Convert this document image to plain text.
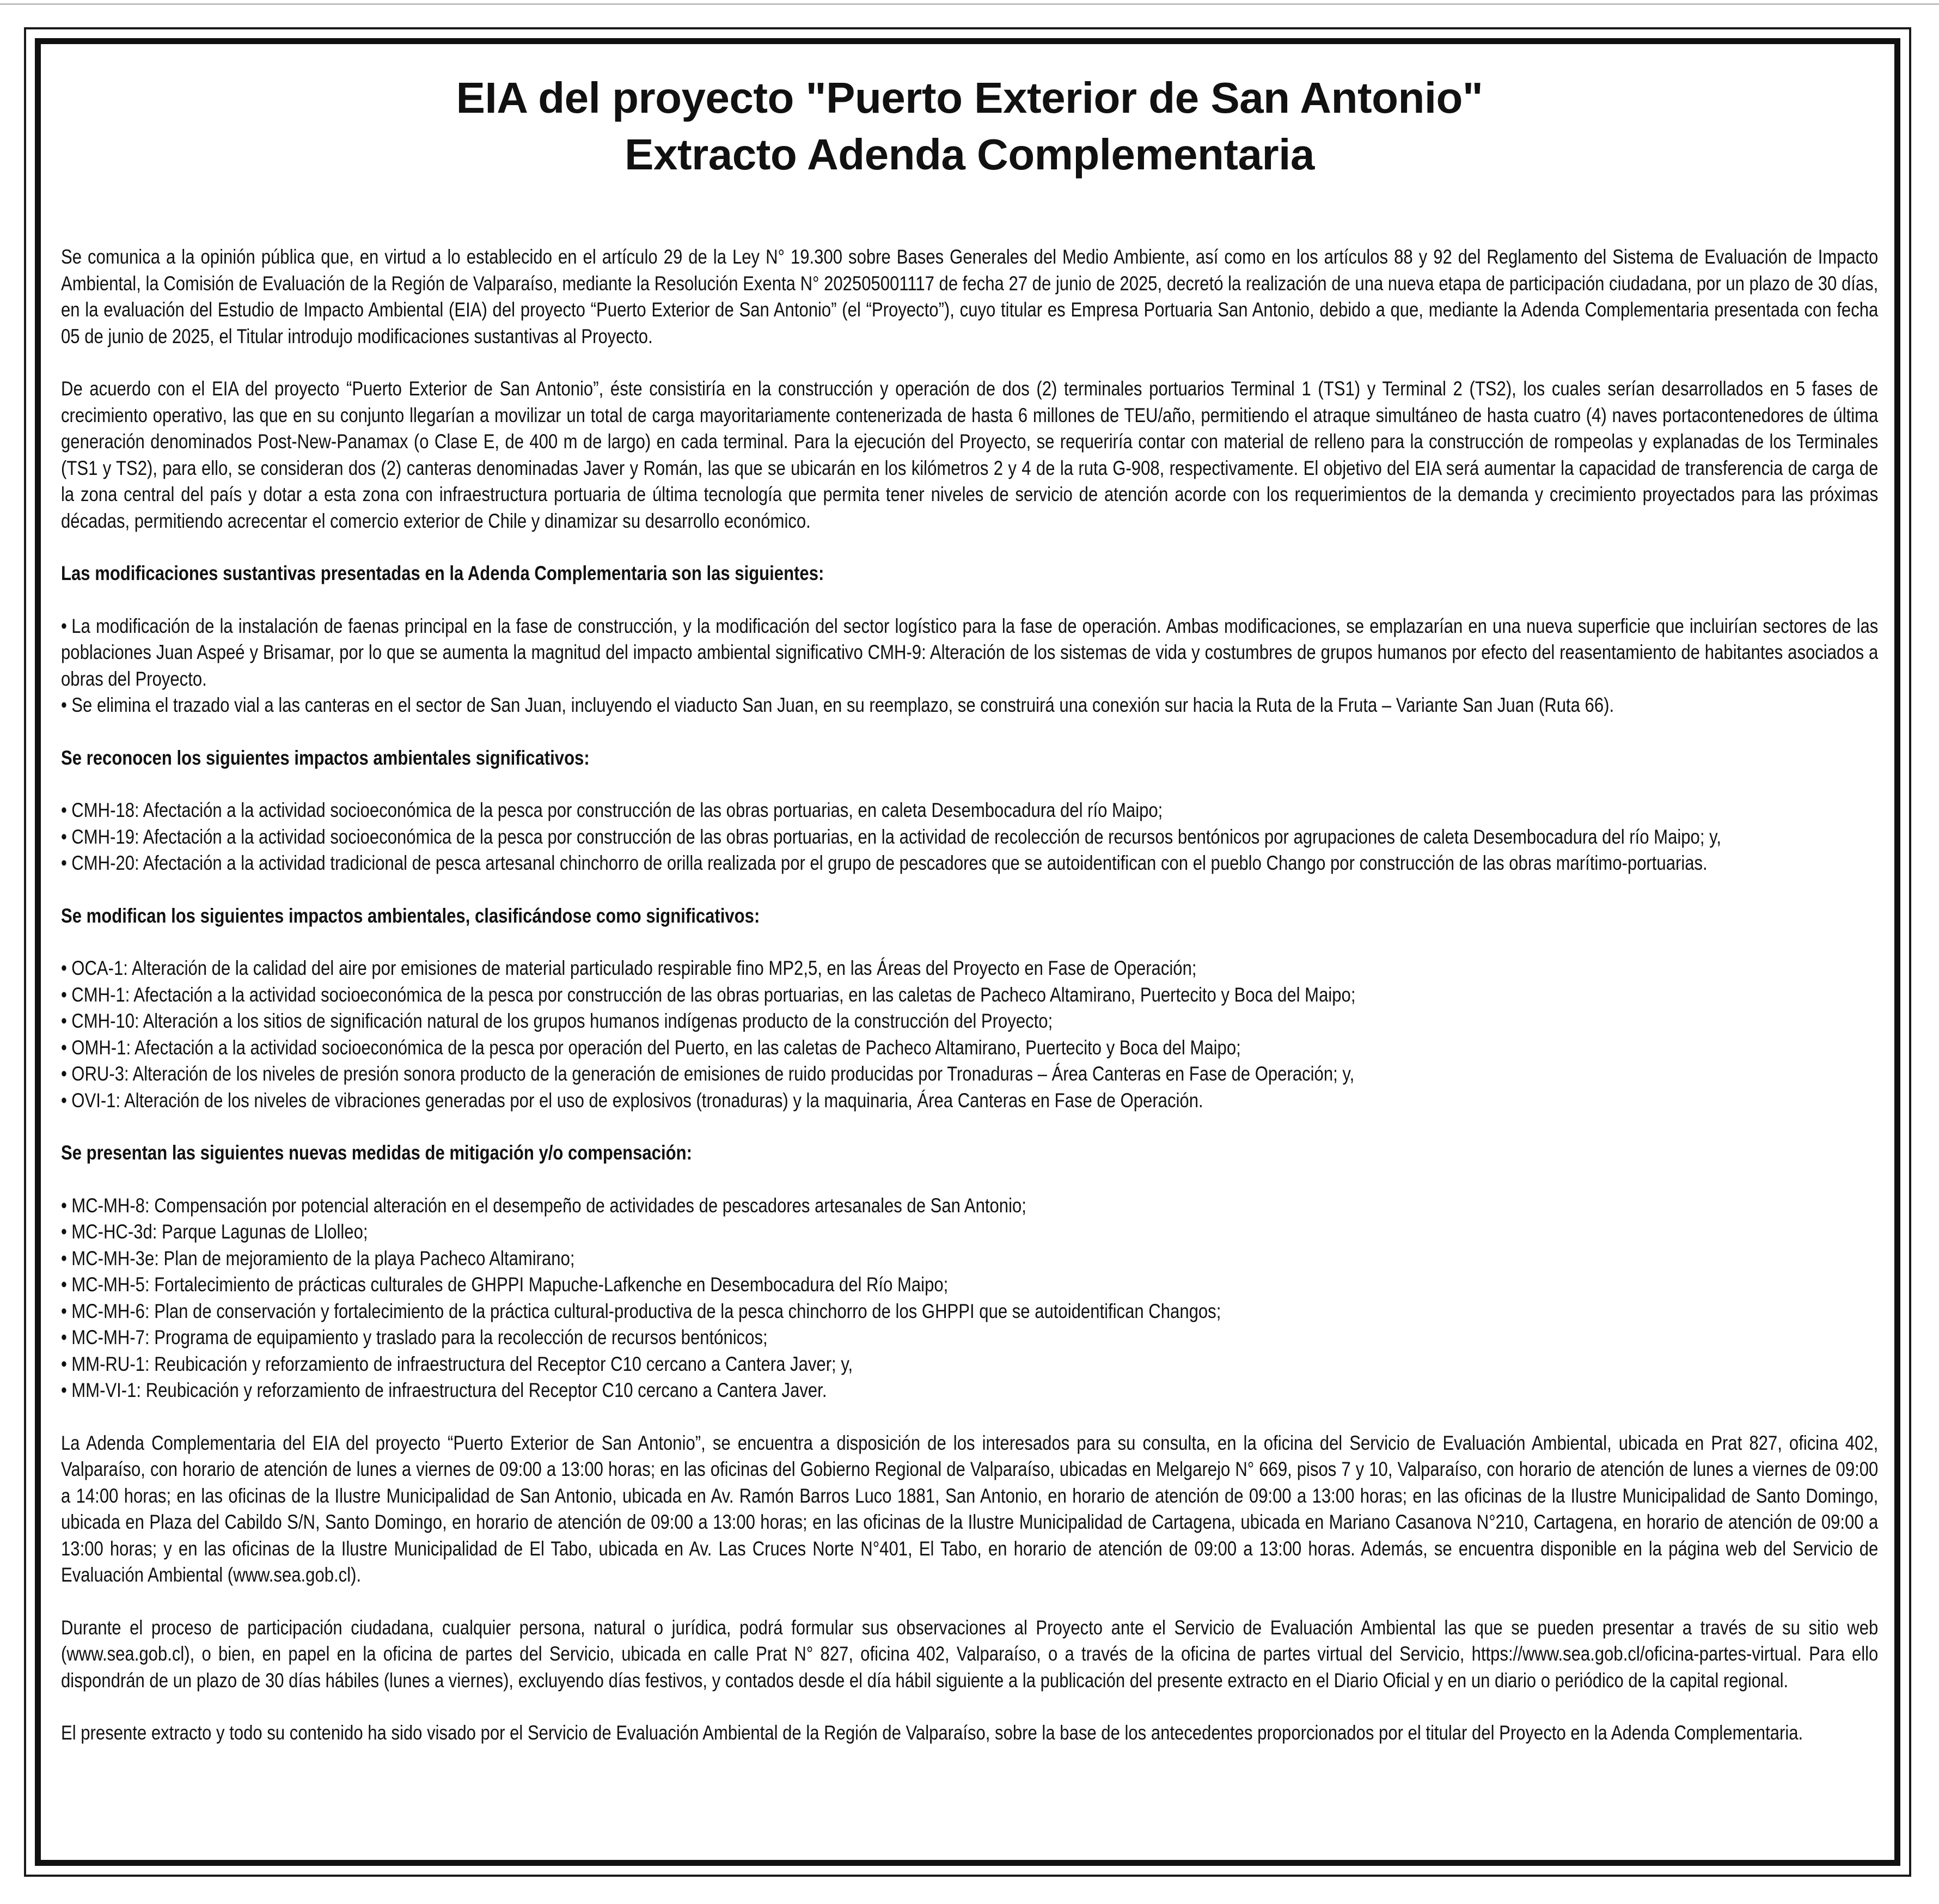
EIA del proyecto "Puerto Exterior de San Antonio"
Extracto Adenda Complementaria

Se comunica a la opinión pública que, en virtud a lo establecido en el artículo 29 de la Ley N° 19.300 sobre Bases Generales del Medio Ambiente, así como en los artículos 88 y 92 del Reglamento del Sistema de Evaluación de Impacto Ambiental, la Comisión de Evaluación de la Región de Valparaíso, mediante la Resolución Exenta N° 202505001117 de fecha 27 de junio de 2025, decretó la realización de una nueva etapa de participación ciudadana, por un plazo de 30 días, en la evaluación del Estudio de Impacto Ambiental (EIA) del proyecto “Puerto Exterior de San Antonio” (el “Proyecto”), cuyo titular es Empresa Portuaria San Antonio, debido a que, mediante la Adenda Complementaria presentada con fecha 05 de junio de 2025, el Titular introdujo modificaciones sustantivas al Proyecto.

De acuerdo con el EIA del proyecto “Puerto Exterior de San Antonio”, éste consistiría en la construcción y operación de dos (2) terminales portuarios Terminal 1 (TS1) y Terminal 2 (TS2), los cuales serían desarrollados en 5 fases de crecimiento operativo, las que en su conjunto llegarían a movilizar un total de carga mayoritariamente contenerizada de hasta 6 millones de TEU/año, permitiendo el atraque simultáneo de hasta cuatro (4) naves portacontenedores de última generación denominados Post-New-Panamax (o Clase E, de 400 m de largo) en cada terminal. Para la ejecución del Proyecto, se requeriría contar con material de relleno para la construcción de rompeolas y explanadas de los Terminales (TS1 y TS2), para ello, se consideran dos (2) canteras denominadas Javer y Román, las que se ubicarán en los kilómetros 2 y 4 de la ruta G-908, respectivamente. El objetivo del EIA será aumentar la capacidad de transferencia de carga de la zona central del país y dotar a esta zona con infraestructura portuaria de última tecnología que permita tener niveles de servicio de atención acorde con los requerimientos de la demanda y crecimiento proyectados para las próximas décadas, permitiendo acrecentar el comercio exterior de Chile y dinamizar su desarrollo económico.

Las modificaciones sustantivas presentadas en la Adenda Complementaria son las siguientes:

• La modificación de la instalación de faenas principal en la fase de construcción, y la modificación del sector logístico para la fase de operación. Ambas modificaciones, se emplazarían en una nueva superficie que incluirían sectores de las poblaciones Juan Aspeé y Brisamar, por lo que se aumenta la magnitud del impacto ambiental significativo CMH-9: Alteración de los sistemas de vida y costumbres de grupos humanos por efecto del reasentamiento de habitantes asociados a obras del Proyecto.
• Se elimina el trazado vial a las canteras en el sector de San Juan, incluyendo el viaducto San Juan, en su reemplazo, se construirá una conexión sur hacia la Ruta de la Fruta – Variante San Juan (Ruta 66).

Se reconocen los siguientes impactos ambientales significativos:

• CMH-18: Afectación a la actividad socioeconómica de la pesca por construcción de las obras portuarias, en caleta Desembocadura del río Maipo;
• CMH-19: Afectación a la actividad socioeconómica de la pesca por construcción de las obras portuarias, en la actividad de recolección de recursos bentónicos por agrupaciones de caleta Desembocadura del río Maipo; y,
• CMH-20: Afectación a la actividad tradicional de pesca artesanal chinchorro de orilla realizada por el grupo de pescadores que se autoidentifican con el pueblo Chango por construcción de las obras marítimo-portuarias.

Se modifican los siguientes impactos ambientales, clasificándose como significativos:

• OCA-1: Alteración de la calidad del aire por emisiones de material particulado respirable fino MP2,5, en las Áreas del Proyecto en Fase de Operación;
• CMH-1: Afectación a la actividad socioeconómica de la pesca por construcción de las obras portuarias, en las caletas de Pacheco Altamirano, Puertecito y Boca del Maipo;
• CMH-10: Alteración a los sitios de significación natural de los grupos humanos indígenas producto de la construcción del Proyecto;
• OMH-1: Afectación a la actividad socioeconómica de la pesca por operación del Puerto, en las caletas de Pacheco Altamirano, Puertecito y Boca del Maipo;
• ORU-3: Alteración de los niveles de presión sonora producto de la generación de emisiones de ruido producidas por Tronaduras – Área Canteras en Fase de Operación; y,
• OVI-1: Alteración de los niveles de vibraciones generadas por el uso de explosivos (tronaduras) y la maquinaria, Área Canteras en Fase de Operación.

Se presentan las siguientes nuevas medidas de mitigación y/o compensación:

• MC-MH-8: Compensación por potencial alteración en el desempeño de actividades de pescadores artesanales de San Antonio;
• MC-HC-3d: Parque Lagunas de Llolleo;
• MC-MH-3e: Plan de mejoramiento de la playa Pacheco Altamirano;
• MC-MH-5: Fortalecimiento de prácticas culturales de GHPPI Mapuche-Lafkenche en Desembocadura del Río Maipo;
• MC-MH-6: Plan de conservación y fortalecimiento de la práctica cultural-productiva de la pesca chinchorro de los GHPPI que se autoidentifican Changos;
• MC-MH-7: Programa de equipamiento y traslado para la recolección de recursos bentónicos;
• MM-RU-1: Reubicación y reforzamiento de infraestructura del Receptor C10 cercano a Cantera Javer; y,
• MM-VI-1: Reubicación y reforzamiento de infraestructura del Receptor C10 cercano a Cantera Javer.

La Adenda Complementaria del EIA del proyecto “Puerto Exterior de San Antonio”, se encuentra a disposición de los interesados para su consulta, en la oficina del Servicio de Evaluación Ambiental, ubicada en Prat 827, oficina 402, Valparaíso, con horario de atención de lunes a viernes de 09:00 a 13:00 horas; en las oficinas del Gobierno Regional de Valparaíso, ubicadas en Melgarejo N° 669, pisos 7 y 10, Valparaíso, con horario de atención de lunes a viernes de 09:00 a 14:00 horas; en las oficinas de la Ilustre Municipalidad de San Antonio, ubicada en Av. Ramón Barros Luco 1881, San Antonio, en horario de atención de 09:00 a 13:00 horas; en las oficinas de la Ilustre Municipalidad de Santo Domingo, ubicada en Plaza del Cabildo S/N, Santo Domingo, en horario de atención de 09:00 a 13:00 horas; en las oficinas de la Ilustre Municipalidad de Cartagena, ubicada en Mariano Casanova N°210, Cartagena, en horario de atención de 09:00 a 13:00 horas; y en las oficinas de la Ilustre Municipalidad de El Tabo, ubicada en Av. Las Cruces Norte N°401, El Tabo, en horario de atención de 09:00 a 13:00 horas. Además, se encuentra disponible en la página web del Servicio de Evaluación Ambiental (www.sea.gob.cl).

Durante el proceso de participación ciudadana, cualquier persona, natural o jurídica, podrá formular sus observaciones al Proyecto ante el Servicio de Evaluación Ambiental las que se pueden presentar a través de su sitio web (www.sea.gob.cl), o bien, en papel en la oficina de partes del Servicio, ubicada en calle Prat N° 827, oficina 402, Valparaíso, o a través de la oficina de partes virtual del Servicio, https://www.sea.gob.cl/oficina-partes-virtual. Para ello dispondrán de un plazo de 30 días hábiles (lunes a viernes), excluyendo días festivos, y contados desde el día hábil siguiente a la publicación del presente extracto en el Diario Oficial y en un diario o periódico de la capital regional.

El presente extracto y todo su contenido ha sido visado por el Servicio de Evaluación Ambiental de la Región de Valparaíso, sobre la base de los antecedentes proporcionados por el titular del Proyecto en la Adenda Complementaria.
